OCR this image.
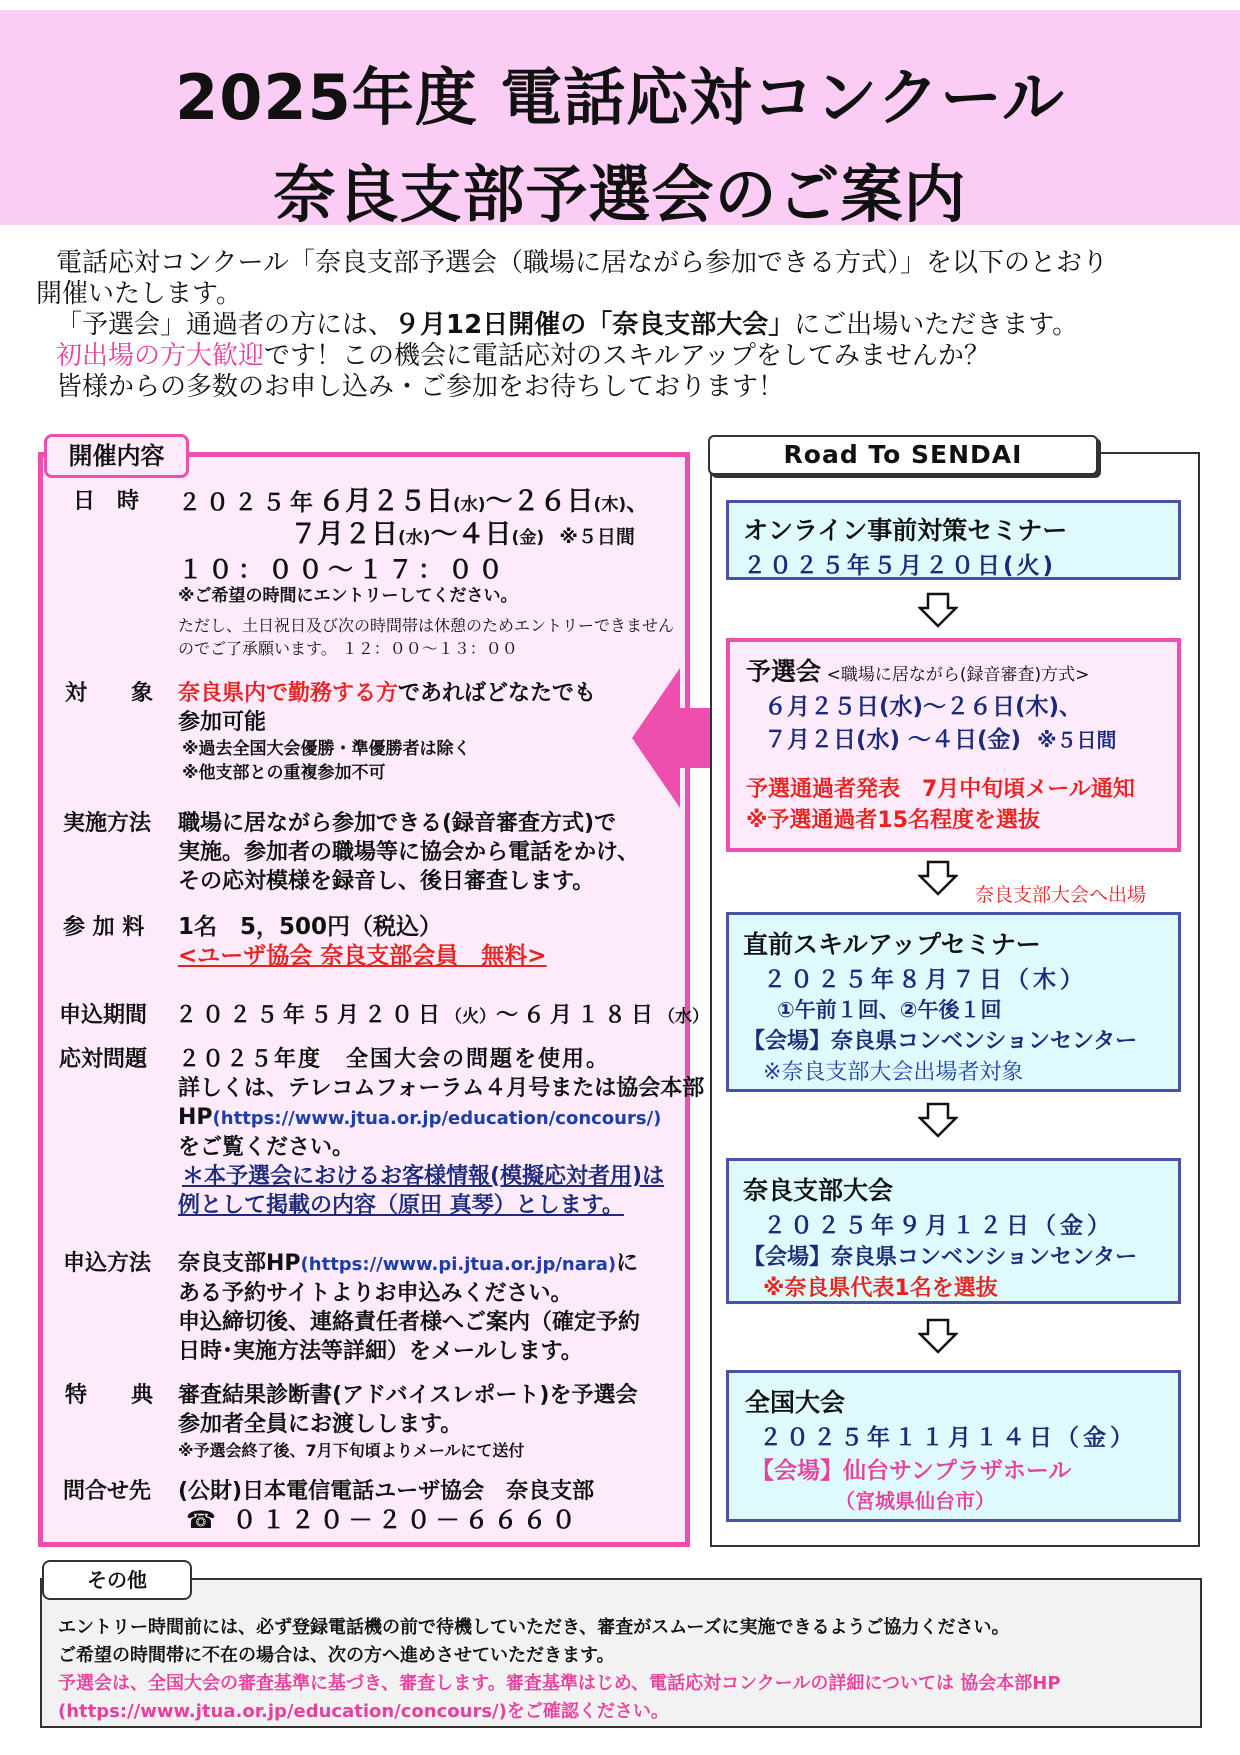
2025年度 電話応対コンクール
奈良支部予選会のご案内

電話応対コンクール「奈良支部予選会（職場に居ながら参加できる方式）」を以下のとおり

開催いたします。

「予選会」通過者の方には、９月12日開催の「奈良支部大会」にご出場いただきます。

初出場の方大歓迎です！この機会に電話応対のスキルアップをしてみませんか？

皆様からの多数のお申し込み・ご参加をお待ちしております！

開催内容
日　時	２０２５年６月２５日(水)～２６日(木)、
７月２日(水)～４日(金) ※５日間
１０：００～１７：００
※ご希望の時間にエントリーしてください。
ただし、土日祝日及び次の時間帯は休憩のためエントリーできません
のでご了承願います。 １２：００～１３：００
対　　象	奈良県内で勤務する方であればどなたでも
参加可能
※過去全国大会優勝・準優勝者は除く
※他支部との重複参加不可
実施方法	職場に居ながら参加できる(録音審査方式)で
実施。参加者の職場等に協会から電話をかけ、
その応対模様を録音し、後日審査します。
参 加 料	1名　5，500円（税込）
<ユーザ協会 奈良支部会員　無料>
申込期間	２０２５年５月２０日（火）～６月１８日（水）
応対問題	２０２５年度　全国大会の問題を使用。
詳しくは、テレコムフォーラム４月号または協会本部
HP(https://www.jtua.or.jp/education/concours/)
をご覧ください。
＊本予選会におけるお客様情報(模擬応対者用)は
例として掲載の内容（原田 真琴）とします。
申込方法	奈良支部HP(https://www.pi.jtua.or.jp/nara)に
ある予約サイトよりお申込みください。
申込締切後、連絡責任者様へご案内（確定予約
日時･実施方法等詳細）をメールします。
特　　典	審査結果診断書(アドバイスレポート)を予選会
参加者全員にお渡しします。
※予選会終了後、7月下旬頃よりメールにて送付
問合せ先	(公財)日本電信電話ユーザ協会　奈良支部
☎ ０１２０－２０－６６６０
Road To SENDAI
オンライン事前対策セミナー
２０２５年５月２０日(火)
予選会 <職場に居ながら(録音審査)方式>
６月２５日(水)～２６日(木)、
７月２日(水) ～４日(金) ※５日間
予選通過者発表　7月中旬頃メール通知
※予選通過者15名程度を選抜
奈良支部大会へ出場
直前スキルアップセミナー
２０２５年８月７日（木）
①午前１回、②午後１回
【会場】奈良県コンベンションセンター
※奈良支部大会出場者対象
奈良支部大会
２０２５年９月１２日（金）
【会場】奈良県コンベンションセンター
※奈良県代表1名を選抜
全国大会
２０２５年１１月１４日（金）
【会場】仙台サンプラザホール
（宮城県仙台市）
その他
エントリー時間前には、必ず登録電話機の前で待機していただき、審査がスムーズに実施できるようご協力ください。
ご希望の時間帯に不在の場合は、次の方へ進めさせていただきます。
予選会は、全国大会の審査基準に基づき、審査します。審査基準はじめ、電話応対コンクールの詳細については 協会本部HP
(https://www.jtua.or.jp/education/concours/)をご確認ください。
